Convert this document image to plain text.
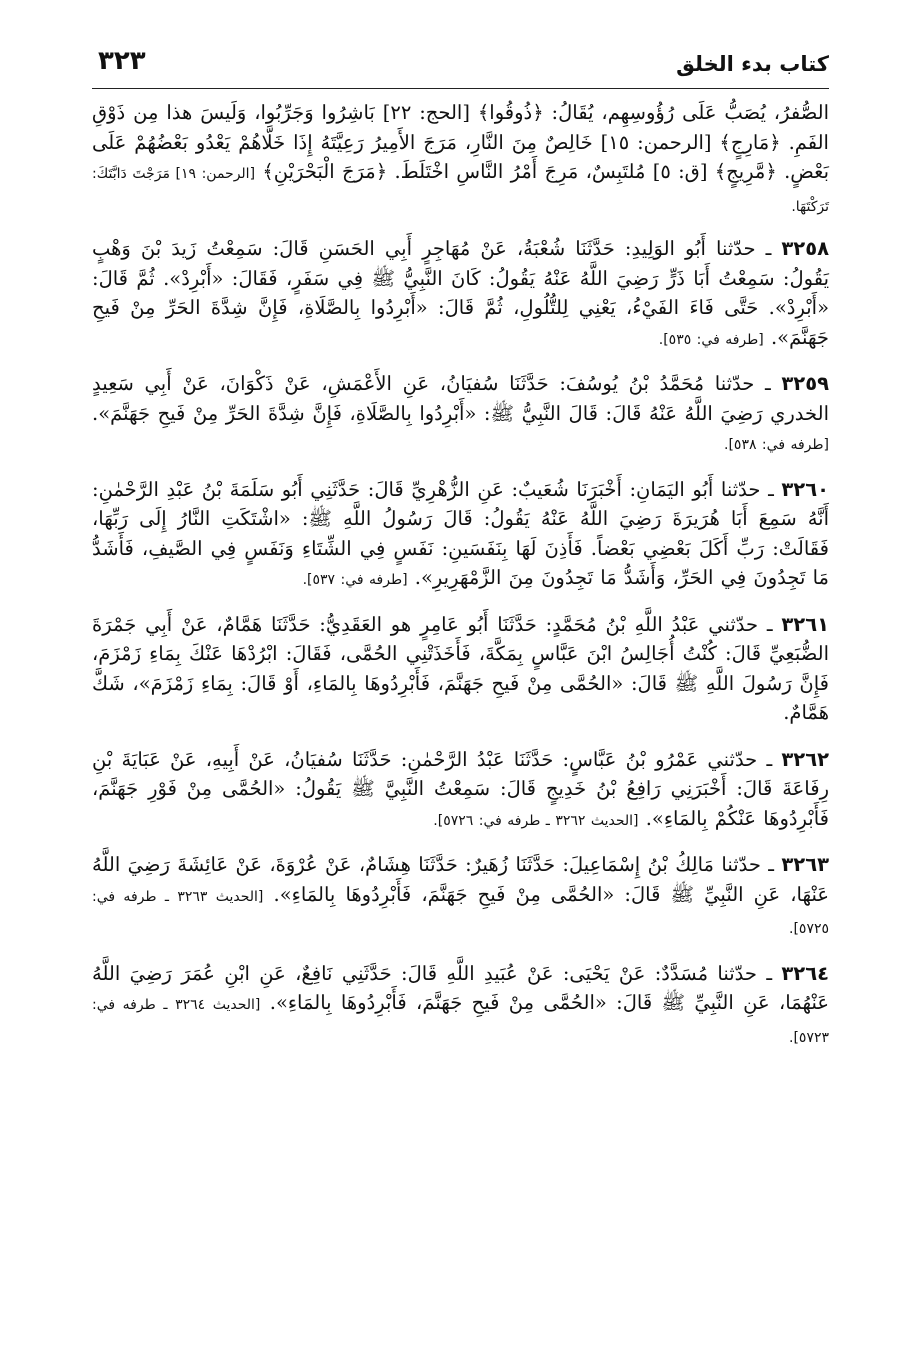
كتاب بدء الخلق
٣٢٣

الصُّفرُ، يُصَبُّ عَلَى رُؤُوسِهِم، يُقَالُ: ﴿ذُوقُوا﴾ [الحج: ٢٢] بَاشِرُوا وَجَرِّبُوا، وَلَيسَ هذا مِن ذَوْقِ الفَمِ. ﴿مَارِجٍ﴾ [الرحمن: ١٥] خَالِصٌ مِنَ النَّارِ، مَرَجَ الأَمِيرُ رَعِيَّتَهُ إِذَا خَلَّاهُمْ يَعْدُو بَعْضُهُمْ عَلَى بَعْضٍ. ﴿مَّرِيجٍ﴾ [ق: ٥] مُلتَبِسٌ، مَرِجَ أَمْرُ النَّاسِ اخْتَلَطَ. ﴿مَرَجَ الْبَحْرَيْنِ﴾ [الرحمن: ١٩] مَرَجْتَ دَابَّتَكَ: تَرَكْتَهَا.

٣٢٥٨ ـ حدّثنا أَبُو الوَلِيدِ: حَدَّثَنَا شُعْبَةُ، عَنْ مُهَاجِرٍ أَبِي الحَسَنِ قَالَ: سَمِعْتُ زَيدَ بْنَ وَهْبٍ يَقُولُ: سَمِعْتُ أَبَا ذَرٍّ رَضِيَ اللَّهُ عَنْهُ يَقُولُ: كَانَ النَّبِيُّ ﷺ فِي سَفَرٍ، فَقَالَ: «أَبْرِدْ». ثُمَّ قَالَ: «أَبْرِدْ». حَتَّى فَاءَ الفَيْءُ، يَعْنِي لِلتُّلُولِ، ثُمَّ قَالَ: «أَبْرِدُوا بِالصَّلَاةِ، فَإِنَّ شِدَّةَ الحَرِّ مِنْ فَيحِ جَهَنَّمَ». [طرفه في: ٥٣٥].

٣٢٥٩ ـ حدّثنا مُحَمَّدُ بْنُ يُوسُفَ: حَدَّثَنَا سُفيَانُ، عَنِ الأَعْمَشِ، عَنْ ذَكْوَانَ، عَنْ أَبِي سَعِيدٍ الخدري رَضِيَ اللَّهُ عَنْهُ قَالَ: قَالَ النَّبِيُّ ﷺ: «أَبْرِدُوا بِالصَّلَاةِ، فَإِنَّ شِدَّةَ الحَرِّ مِنْ فَيحِ جَهَنَّمَ». [طرفه في: ٥٣٨].

٣٢٦٠ ـ حدّثنا أَبُو اليَمَانِ: أَخْبَرَنَا شُعَيبٌ: عَنِ الزُّهْرِيِّ قَالَ: حَدَّثَنِي أَبُو سَلَمَةَ بْنُ عَبْدِ الرَّحْمٰنِ: أَنَّهُ سَمِعَ أَبَا هُرَيرَةَ رَضِيَ اللَّهُ عَنْهُ يَقُولُ: قَالَ رَسُولُ اللَّهِ ﷺ: «اشْتَكَتِ النَّارُ إِلَى رَبِّهَا، فَقَالَتْ: رَبِّ أَكَلَ بَعْضِي بَعْضاً. فَأَذِنَ لَهَا بِنَفَسَينِ: نَفَسٍ فِي الشِّتَاءِ وَنَفَسٍ فِي الصَّيفِ، فَأَشَدُّ مَا تَجِدُونَ فِي الحَرِّ، وَأَشَدُّ مَا تَجِدُونَ مِنَ الزَّمْهَرِيرِ». [طرفه في: ٥٣٧].

٣٢٦١ ـ حدّثني عَبْدُ اللَّهِ بْنُ مُحَمَّدٍ: حَدَّثَنَا أَبُو عَامِرٍ هو العَقَدِيُّ: حَدَّثَنَا هَمَّامٌ، عَنْ أَبِي جَمْرَةَ الضُّبَعِيِّ قَالَ: كُنْتُ أُجَالِسُ ابْنَ عَبَّاسٍ بِمَكَّةَ، فَأَخَذَتْنِي الحُمَّى، فَقَالَ: ابْرُدْهَا عَنْكَ بِمَاءِ زَمْزَمَ، فَإِنَّ رَسُولَ اللَّهِ ﷺ قَالَ: «الحُمَّى مِنْ فَيحِ جَهَنَّمَ، فَأَبْرِدُوهَا بِالمَاءِ، أَوْ قَالَ: بِمَاءِ زَمْزَمَ»، شَكَّ هَمَّامٌ.

٣٢٦٢ ـ حدّثني عَمْرُو بْنُ عَبَّاسٍ: حَدَّثَنَا عَبْدُ الرَّحْمٰنِ: حَدَّثَنَا سُفيَانُ، عَنْ أَبِيهِ، عَنْ عَبَايَةَ بْنِ رِفَاعَةَ قَالَ: أَخْبَرَنِي رَافِعُ بْنُ خَدِيجٍ قَالَ: سَمِعْتُ النَّبِيَّ ﷺ يَقُولُ: «الحُمَّى مِنْ فَوْرِ جَهَنَّمَ، فَأَبْرِدُوهَا عَنْكُمْ بِالمَاءِ». [الحديث ٣٢٦٢ ـ طرفه في: ٥٧٢٦].

٣٢٦٣ ـ حدّثنا مَالِكُ بْنُ إِسْمَاعِيلَ: حَدَّثَنَا زُهَيرٌ: حَدَّثَنَا هِشَامٌ، عَنْ عُرْوَةَ، عَنْ عَائِشَةَ رَضِيَ اللَّهُ عَنْهَا، عَنِ النَّبِيِّ ﷺ قَالَ: «الحُمَّى مِنْ فَيحِ جَهَنَّمَ، فَأَبْرِدُوهَا بِالمَاءِ». [الحديث ٣٢٦٣ ـ طرفه في: ٥٧٢٥].

٣٢٦٤ ـ حدّثنا مُسَدَّدٌ: عَنْ يَحْيَى: عَنْ عُبَيدِ اللَّهِ قَالَ: حَدَّثَنِي نَافِعٌ، عَنِ ابْنِ عُمَرَ رَضِيَ اللَّهُ عَنْهُمَا، عَنِ النَّبِيِّ ﷺ قَالَ: «الحُمَّى مِنْ فَيحِ جَهَنَّمَ، فَأَبْرِدُوهَا بِالمَاءِ». [الحديث ٣٢٦٤ ـ طرفه في: ٥٧٢٣].
